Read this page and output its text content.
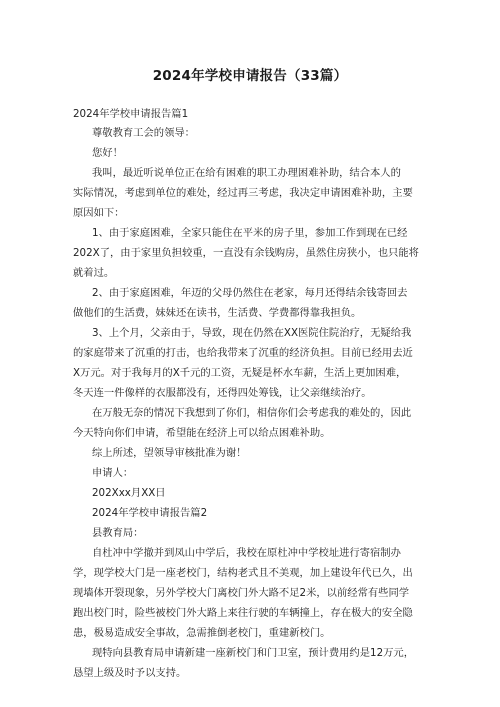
2024年学校申请报告（33篇）
2024年学校申请报告篇1
尊敬教育工会的领导：
您好！
我叫，最近听说单位正在给有困难的职工办理困难补助，结合本人的
实际情况，考虑到单位的难处，经过再三考虑，我决定申请困难补助，主要
原因如下：
1、由于家庭困难，全家只能住在平米的房子里，参加工作到现在已经
202X了，由于家里负担较重，一直没有余钱购房，虽然住房狭小，也只能将
就着过。
2、由于家庭困难，年迈的父母仍然住在老家，每月还得结余钱寄回去
做他们的生活费，妹妹还在读书，生活费、学费都得靠我担负。
3、上个月，父亲由于，导致，现在仍然在XX医院住院治疗，无疑给我
的家庭带来了沉重的打击，也给我带来了沉重的经济负担。目前已经用去近
X万元。对于我每月的X千元的工资，无疑是杯水车薪，生活上更加困难，
冬天连一件像样的衣服都没有，还得四处筹钱，让父亲继续治疗。
在万般无奈的情况下我想到了你们，相信你们会考虑我的难处的，因此
今天特向你们申请，希望能在经济上可以给点困难补助。
综上所述，望领导审核批准为谢！
申请人：
202Xxx月XX日
2024年学校申请报告篇2
县教育局：
自杜冲中学撤并到凤山中学后，我校在原杜冲中学校址进行寄宿制办
学，现学校大门是一座老校门，结构老式且不美观，加上建设年代已久，出
现墙体开裂现象，另外学校大门离校门外大路不足2米，以前经常有些同学
跑出校门时，险些被校门外大路上来往行驶的车辆撞上，存在极大的安全隐
患，极易造成安全事故，急需推倒老校门，重建新校门。
现特向县教育局申请新建一座新校门和门卫室，预计费用约是12万元，
恳望上级及时予以支持。
